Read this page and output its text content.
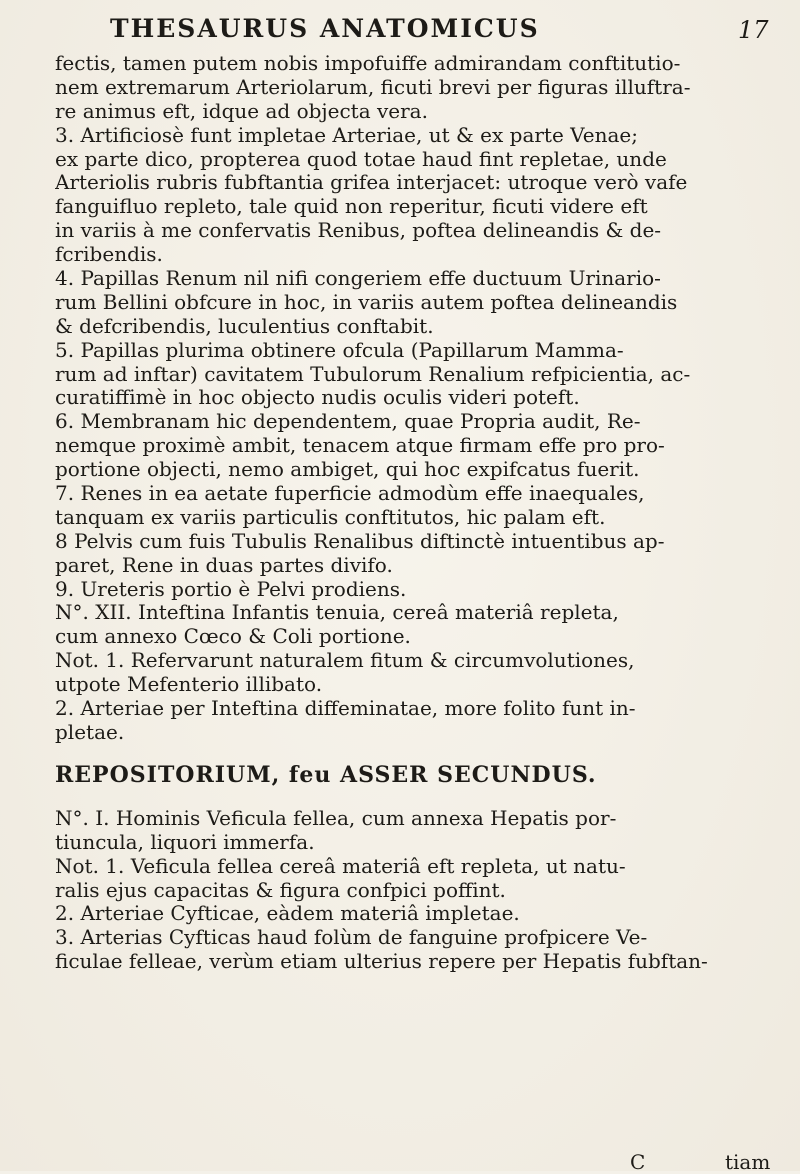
THESAURUS ANATOMICUS	17
fectis, tamen putem nobis impofuiffe admirandam conftitutio-
nem extremarum Arteriolarum, ficuti brevi per figuras illuftra-
re animus eft, idque ad objecta vera.
3. Artificiosè funt impletae Arteriae, ut & ex parte Venae;
ex parte dico, propterea quod totae haud fint repletae, unde
Arteriolis rubris fubftantia grifea interjacet: utroque verò vafe
fanguifluo repleto, tale quid non reperitur, ficuti videre eft
in variis à me confervatis Renibus, poftea delineandis & de-
fcribendis.
4. Papillas Renum nil nifi congeriem effe ductuum Urinario-
rum Bellini obfcure in hoc, in variis autem poftea delineandis
& defcribendis, luculentius conftabit.
5. Papillas plurima obtinere ofcula (Papillarum Mamma-
rum ad inftar) cavitatem Tubulorum Renalium refpicientia, ac-
curatiffimè in hoc objecto nudis oculis videri poteft.
6. Membranam hic dependentem, quae Propria audit, Re-
nemque proximè ambit, tenacem atque firmam effe pro pro-
portione objecti, nemo ambiget, qui hoc expifcatus fuerit.
7. Renes in ea aetate fuperficie admodùm effe inaequales,
tanquam ex variis particulis conftitutos, hic palam eft.
8 Pelvis cum fuis Tubulis Renalibus diftinctè intuentibus ap-
paret, Rene in duas partes divifo.
9. Ureteris portio è Pelvi prodiens.
N°. XII. Inteftina Infantis tenuia, cereâ materiâ repleta,
cum annexo Cœco & Coli portione.
Not. 1. Refervarunt naturalem fitum & circumvolutiones,
utpote Mefenterio illibato.
2. Arteriae per Inteftina diffeminatae, more folito funt in-
pletae.
REPOSITORIUM, feu ASSER SECUNDUS.
N°. I. Hominis Veficula fellea, cum annexa Hepatis por-
tiuncula, liquori immerfa.
Not. 1. Veficula fellea cereâ materiâ eft repleta, ut natu-
ralis ejus capacitas & figura confpici poffint.
2. Arteriae Cyfticae, eàdem materiâ impletae.
3. Arterias Cyfticas haud folùm de fanguine profpicere Ve-
ficulae felleae, verùm etiam ulterius repere per Hepatis fubftan-
C	tiam
